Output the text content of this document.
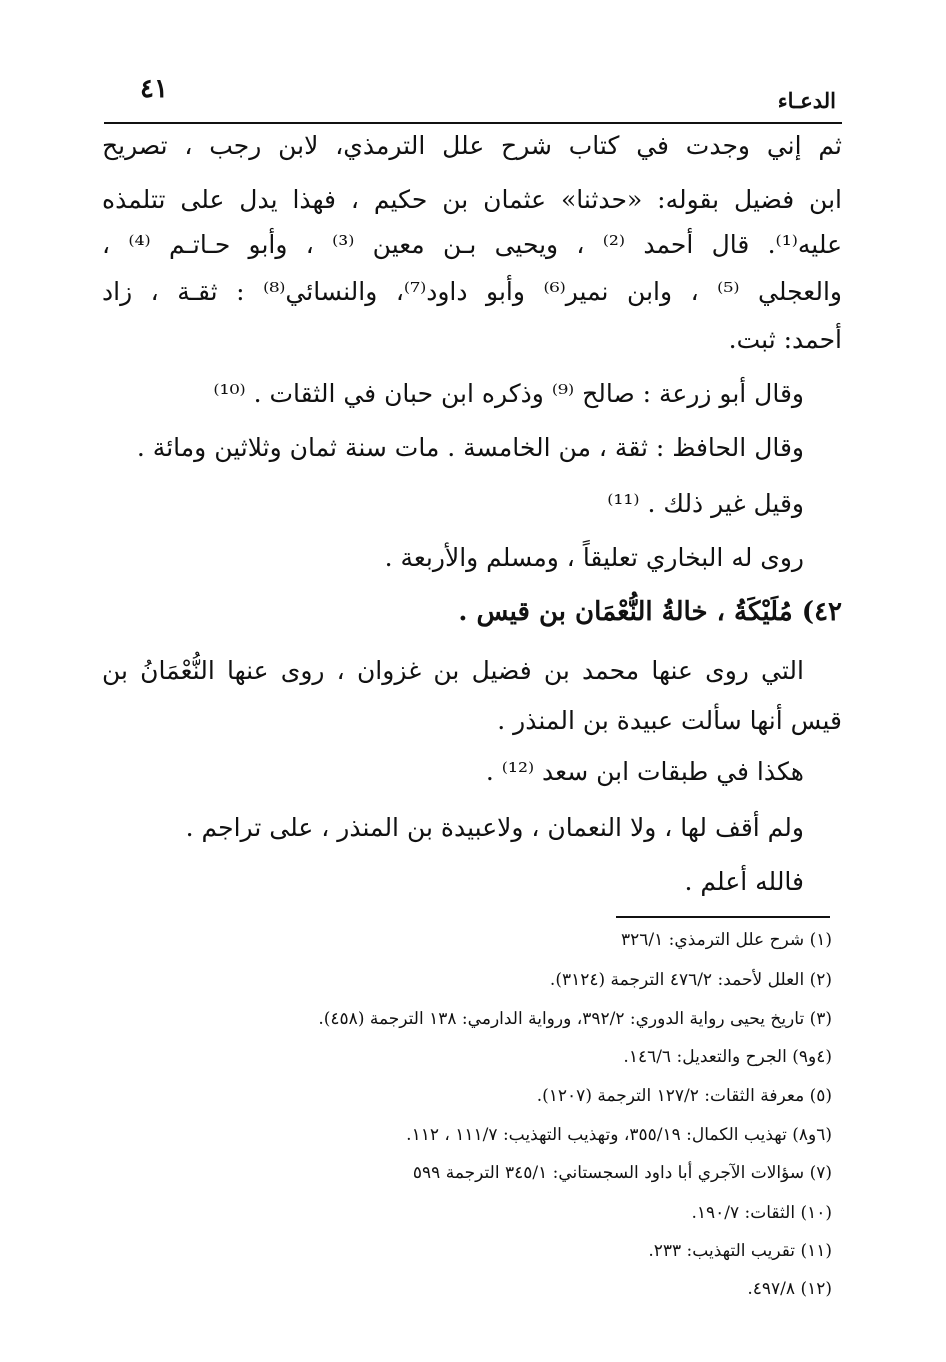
الدعـاء
٤١
ثم إني وجدت في كتاب شرح علل الترمذي، لابن رجب ، تصريح
ابن فضيل بقوله: «حدثنا» عثمان بن حكيم ، فهذا يدل على تتلمذه
عليه⁽¹⁾. قال أحمد ⁽²⁾ ، ويحيى بـن معين ⁽³⁾ ، وأبو حـاتـم ⁽⁴⁾ ،
والعجلي ⁽⁵⁾ ، وابن نمير⁽⁶⁾ وأبو داود⁽⁷⁾، والنسائي⁽⁸⁾ : ثقـة ، زاد
أحمد: ثبت.
وقال أبو زرعة : صالح ⁽⁹⁾ وذكره ابن حبان في الثقات . ⁽¹⁰⁾
وقال الحافظ : ثقة ، من الخامسة . مات سنة ثمان وثلاثين ومائة .
وقيل غير ذلك . ⁽¹¹⁾
روى له البخاري تعليقاً ، ومسلم والأربعة .
٤٢) مُلَيْكَةُ ، خالةُ النُّعْمَان بن قيس .
التي روى عنها محمد بن فضيل بن غزوان ، روى عنها النُّعْمَانُ بن
قيس أنها سألت عبيدة بن المنذر .
هكذا في طبقات ابن سعد ⁽¹²⁾ .
ولم أقف لها ، ولا النعمان ، ولاعبيدة بن المنذر ، على تراجم .
فالله أعلم .
(١) شرح علل الترمذي: ٣٢٦/١
(٢) العلل لأحمد: ٤٧٦/٢ الترجمة (٣١٢٤).
(٣) تاريخ يحيى رواية الدوري: ٣٩٢/٢، ورواية الدارمي: ١٣٨ الترجمة (٤٥٨).
(٤و٩) الجرح والتعديل: ١٤٦/٦.
(٥) معرفة الثقات: ١٢٧/٢ الترجمة (١٢٠٧).
(٦و٨) تهذيب الكمال: ٣٥٥/١٩، وتهذيب التهذيب: ١١١/٧ ، ١١٢.
(٧) سؤالات الآجري أبا داود السجستاني: ٣٤٥/١ الترجمة ٥٩٩
(١٠) الثقات: ١٩٠/٧.
(١١) تقريب التهذيب: ٢٣٣.
(١٢) ٤٩٧/٨.
